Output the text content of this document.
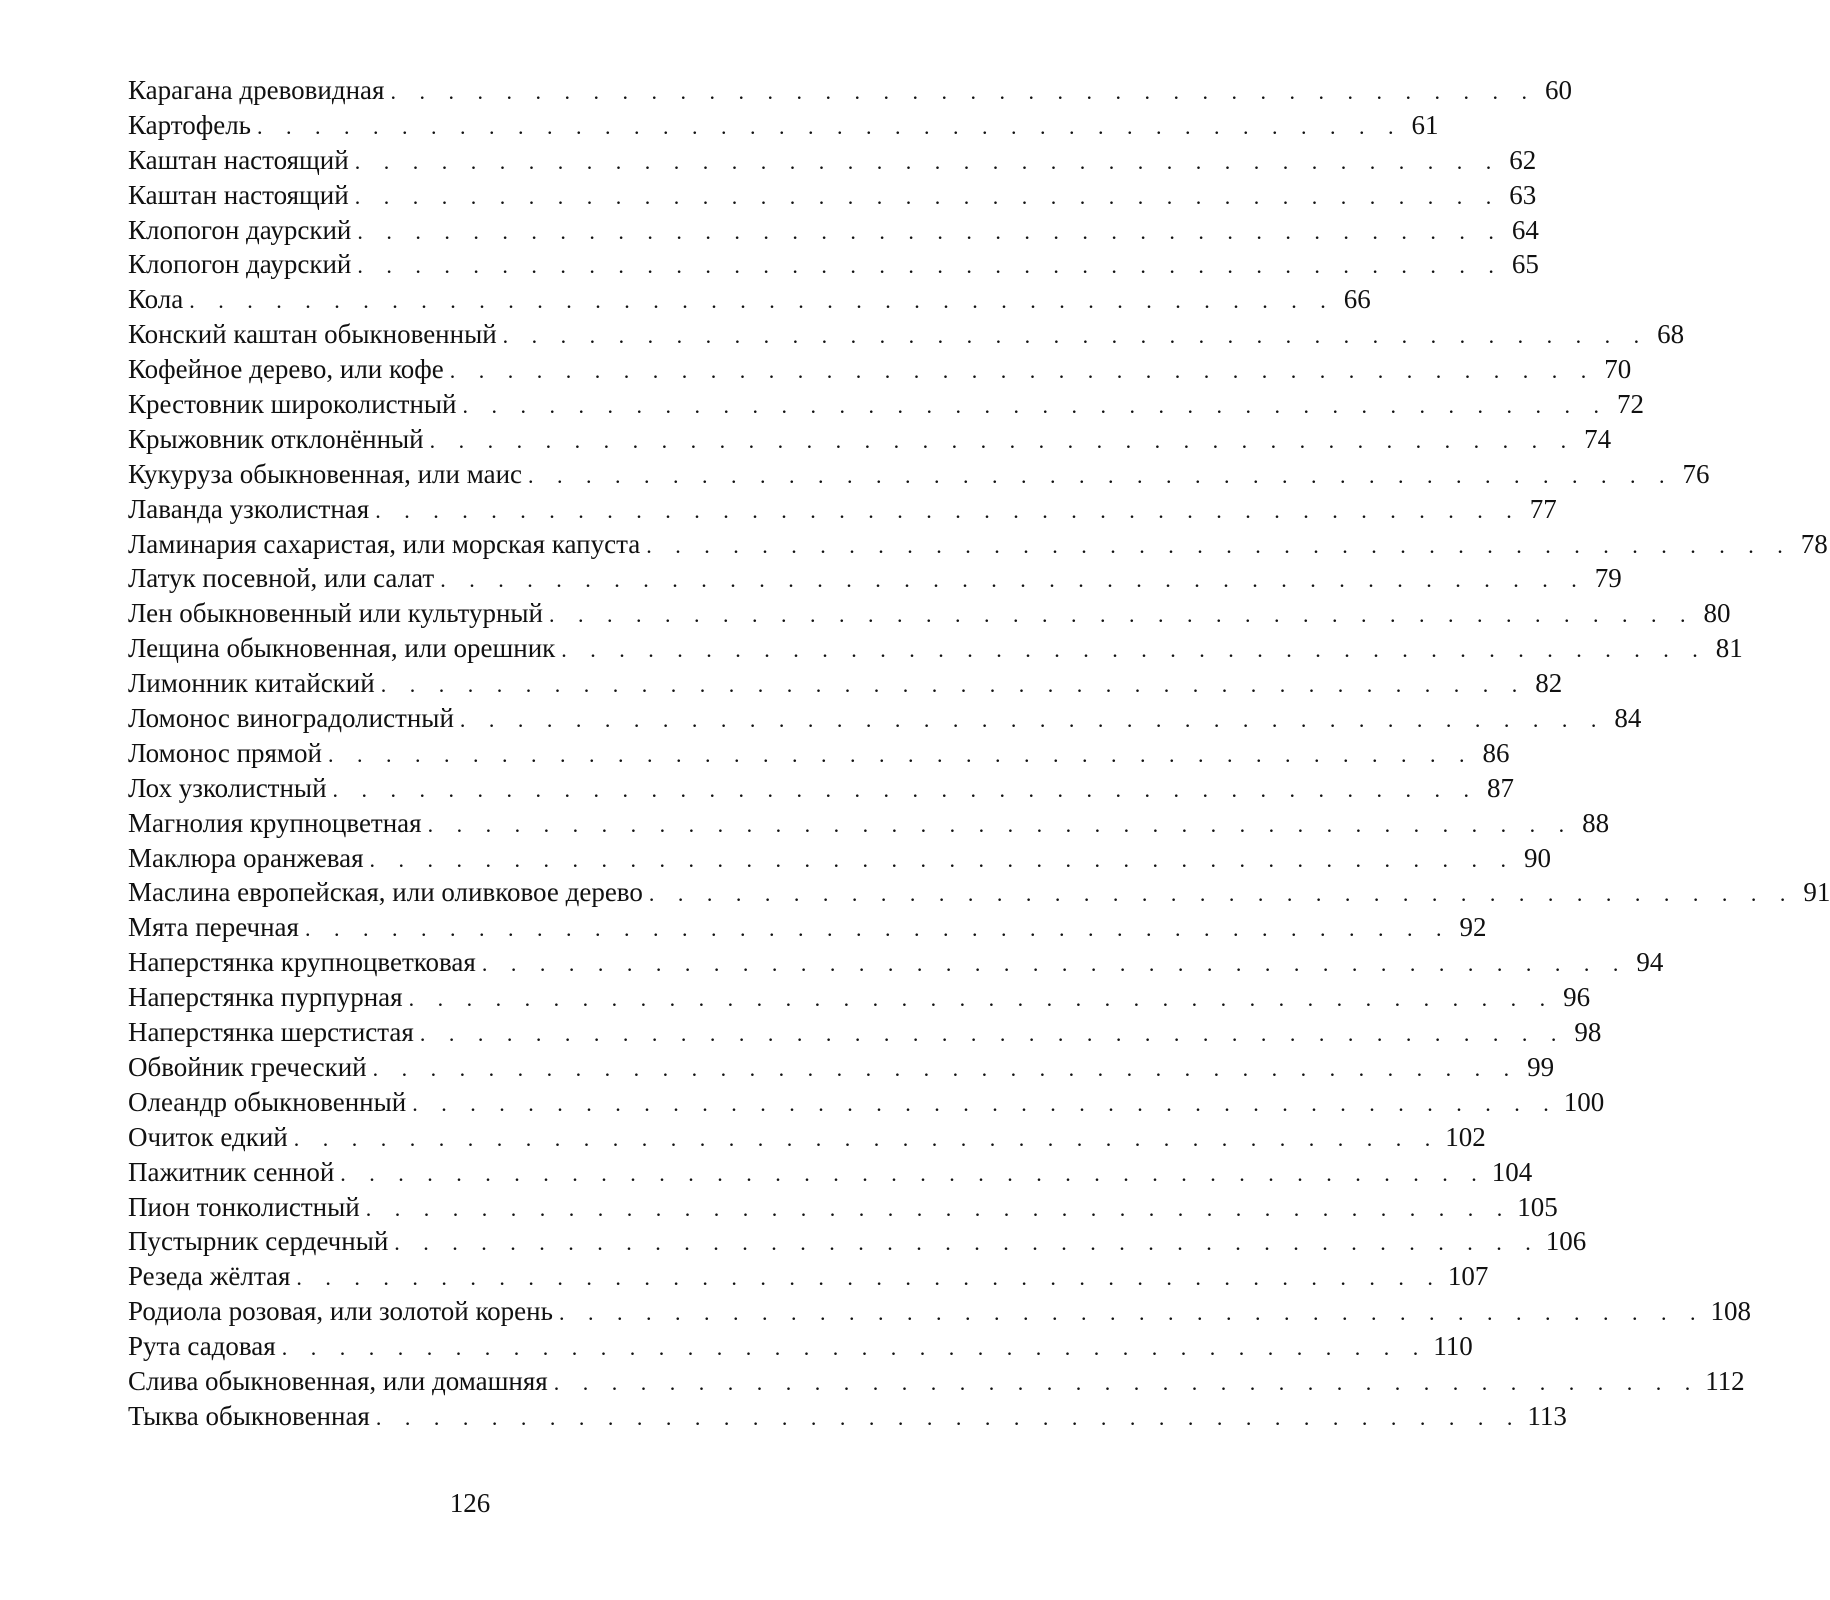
Карагана древовидная . . . . . . . . . . . . . . . . . . . . . . . . . . . . . . . . . . . . . . . . 60
Картофель . . . . . . . . . . . . . . . . . . . . . . . . . . . . . . . . . . . . . . . . 61
Каштан настоящий . . . . . . . . . . . . . . . . . . . . . . . . . . . . . . . . . . . . . . . . 62
Каштан настоящий . . . . . . . . . . . . . . . . . . . . . . . . . . . . . . . . . . . . . . . . 63
Клопогон даурский . . . . . . . . . . . . . . . . . . . . . . . . . . . . . . . . . . . . . . . . 64
Клопогон даурский . . . . . . . . . . . . . . . . . . . . . . . . . . . . . . . . . . . . . . . . 65
Кола . . . . . . . . . . . . . . . . . . . . . . . . . . . . . . . . . . . . . . . . 66
Конский каштан обыкновенный . . . . . . . . . . . . . . . . . . . . . . . . . . . . . . . . . . . . . . . . 68
Кофейное дерево, или кофе . . . . . . . . . . . . . . . . . . . . . . . . . . . . . . . . . . . . . . . . 70
Крестовник широколистный . . . . . . . . . . . . . . . . . . . . . . . . . . . . . . . . . . . . . . . . 72
Крыжовник отклонённый . . . . . . . . . . . . . . . . . . . . . . . . . . . . . . . . . . . . . . . . 74
Кукуруза обыкновенная, или маис . . . . . . . . . . . . . . . . . . . . . . . . . . . . . . . . . . . . . . . . 76
Лаванда узколистная . . . . . . . . . . . . . . . . . . . . . . . . . . . . . . . . . . . . . . . . 77
Ламинария сахаристая, или морская капуста . . . . . . . . . . . . . . . . . . . . . . . . . . . . . . . . . . . . . . . . 78
Латук посевной, или салат . . . . . . . . . . . . . . . . . . . . . . . . . . . . . . . . . . . . . . . . 79
Лен обыкновенный или культурный . . . . . . . . . . . . . . . . . . . . . . . . . . . . . . . . . . . . . . . . 80
Лещина обыкновенная, или орешник . . . . . . . . . . . . . . . . . . . . . . . . . . . . . . . . . . . . . . . . 81
Лимонник китайский . . . . . . . . . . . . . . . . . . . . . . . . . . . . . . . . . . . . . . . . 82
Ломонос виноградолистный . . . . . . . . . . . . . . . . . . . . . . . . . . . . . . . . . . . . . . . . 84
Ломонос прямой . . . . . . . . . . . . . . . . . . . . . . . . . . . . . . . . . . . . . . . . 86
Лох узколистный . . . . . . . . . . . . . . . . . . . . . . . . . . . . . . . . . . . . . . . . 87
Магнолия крупноцветная . . . . . . . . . . . . . . . . . . . . . . . . . . . . . . . . . . . . . . . . 88
Маклюра оранжевая . . . . . . . . . . . . . . . . . . . . . . . . . . . . . . . . . . . . . . . . 90
Маслина европейская, или оливковое дерево . . . . . . . . . . . . . . . . . . . . . . . . . . . . . . . . . . . . . . . . 91
Мята перечная . . . . . . . . . . . . . . . . . . . . . . . . . . . . . . . . . . . . . . . . 92
Наперстянка крупноцветковая . . . . . . . . . . . . . . . . . . . . . . . . . . . . . . . . . . . . . . . . 94
Наперстянка пурпурная . . . . . . . . . . . . . . . . . . . . . . . . . . . . . . . . . . . . . . . . 96
Наперстянка шерстистая . . . . . . . . . . . . . . . . . . . . . . . . . . . . . . . . . . . . . . . . 98
Обвойник греческий . . . . . . . . . . . . . . . . . . . . . . . . . . . . . . . . . . . . . . . . 99
Олеандр обыкновенный . . . . . . . . . . . . . . . . . . . . . . . . . . . . . . . . . . . . . . . . 100
Очиток едкий . . . . . . . . . . . . . . . . . . . . . . . . . . . . . . . . . . . . . . . . 102
Пажитник сенной . . . . . . . . . . . . . . . . . . . . . . . . . . . . . . . . . . . . . . . . 104
Пион тонколистный . . . . . . . . . . . . . . . . . . . . . . . . . . . . . . . . . . . . . . . . 105
Пустырник сердечный . . . . . . . . . . . . . . . . . . . . . . . . . . . . . . . . . . . . . . . . 106
Резеда жёлтая . . . . . . . . . . . . . . . . . . . . . . . . . . . . . . . . . . . . . . . . 107
Родиола розовая, или золотой корень . . . . . . . . . . . . . . . . . . . . . . . . . . . . . . . . . . . . . . . . 108
Рута садовая . . . . . . . . . . . . . . . . . . . . . . . . . . . . . . . . . . . . . . . . 110
Слива обыкновенная, или домашняя . . . . . . . . . . . . . . . . . . . . . . . . . . . . . . . . . . . . . . . . 112
Тыква обыкновенная . . . . . . . . . . . . . . . . . . . . . . . . . . . . . . . . . . . . . . . . 113
126
